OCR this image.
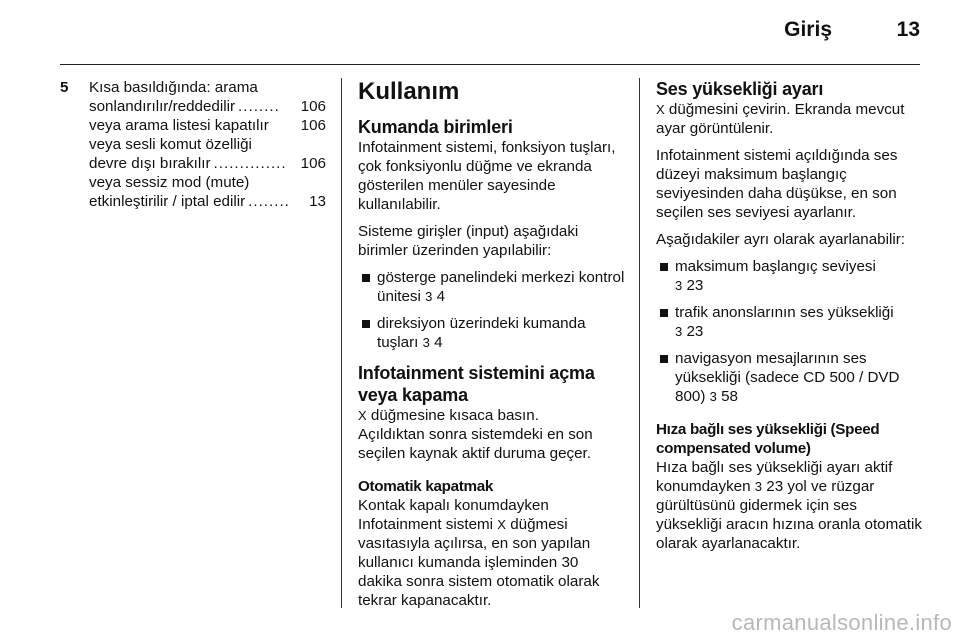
Giriş	13
5 Kısa basıldığında: arama
sonlandırılır/reddedilir ........	106
veya arama listesi kapatılır 106
veya sesli komut özelliği
devre dışı bırakılır .............. 106
veya sessiz mod (mute)
etkinleştirilir / iptal edilir ........	13
Kullanım
Kumanda birimleri

Infotainment sistemi, fonksiyon tuşları, çok fonksiyonlu düğme ve ekranda gösterilen menüler sayesinde kullanılabilir.

Sisteme girişler (input) aşağıdaki birimler üzerinden yapılabilir:

gösterge panelindeki merkezi kontrol ünitesi 3 4
direksiyon üzerindeki kumanda tuşları 3 4
Infotainment sistemini açma
veya kapama

X düğmesine kısaca basın.

Açıldıktan sonra sistemdeki en son seçilen kaynak aktif duruma geçer.

Otomatik kapatmak

Kontak kapalı konumdayken Infotainment sistemi X düğmesi vasıtasıyla açılırsa, en son yapılan kullanıcı kumanda işleminden 30 dakika sonra sistem otomatik olarak tekrar kapanacaktır.

Ses yüksekliği ayarı

X düğmesini çevirin. Ekranda mevcut ayar görüntülenir.

Infotainment sistemi açıldığında ses düzeyi maksimum başlangıç seviyesinden daha düşükse, en son seçilen ses seviyesi ayarlanır.

Aşağıdakiler ayrı olarak ayarlanabilir:

maksimum başlangıç seviyesi
3 23
trafik anonslarının ses yüksekliği
3 23
navigasyon mesajlarının ses yüksekliği (sadece CD 500 / DVD 800) 3 58
Hıza bağlı ses yüksekliği (Speed compensated volume)

Hıza bağlı ses yüksekliği ayarı aktif konumdayken 3 23 yol ve rüzgar gürültüsünü gidermek için ses yüksekliği aracın hızına oranla otomatik olarak ayarlanacaktır.

carmanualsonline.info
